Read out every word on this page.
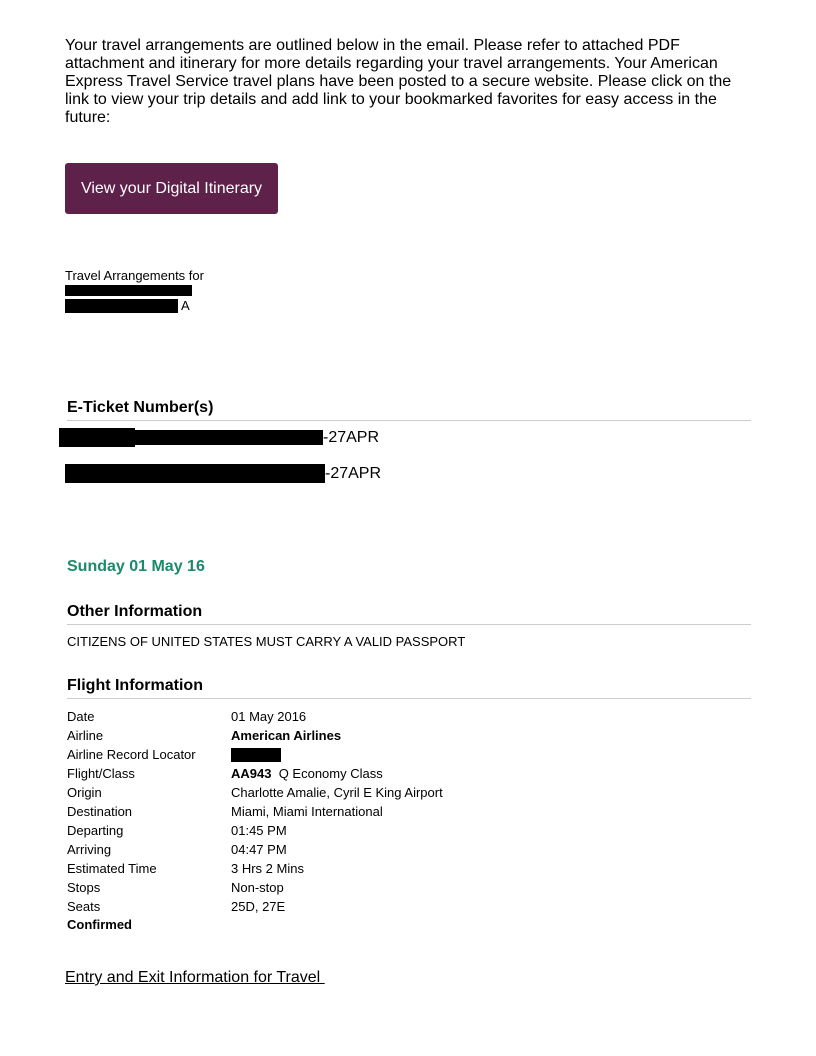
Your travel arrangements are outlined below in the email. Please refer to attached PDF attachment and itinerary for more details regarding your travel arrangements. Your American Express Travel Service travel plans have been posted to a secure website. Please click on the link to view your trip details and add link to your bookmarked favorites for easy access in the future:

View your Digital Itinerary
Travel Arrangements for
A
E-Ticket Number(s)
-27APR
-27APR
Sunday 01 May 16
Other Information
CITIZENS OF UNITED STATES MUST CARRY A VALID PASSPORT
Flight Information
Date	01 May 2016
Airline	American Airlines
Airline Record Locator	
Flight/Class	AA943 Q Economy Class
Origin	Charlotte Amalie, Cyril E King Airport
Destination	Miami, Miami International
Departing	01:45 PM
Arriving	04:47 PM
Estimated Time	3 Hrs 2 Mins
Stops	Non-stop
Seats	25D, 27E
Confirmed
Entry and Exit Information for Travel
